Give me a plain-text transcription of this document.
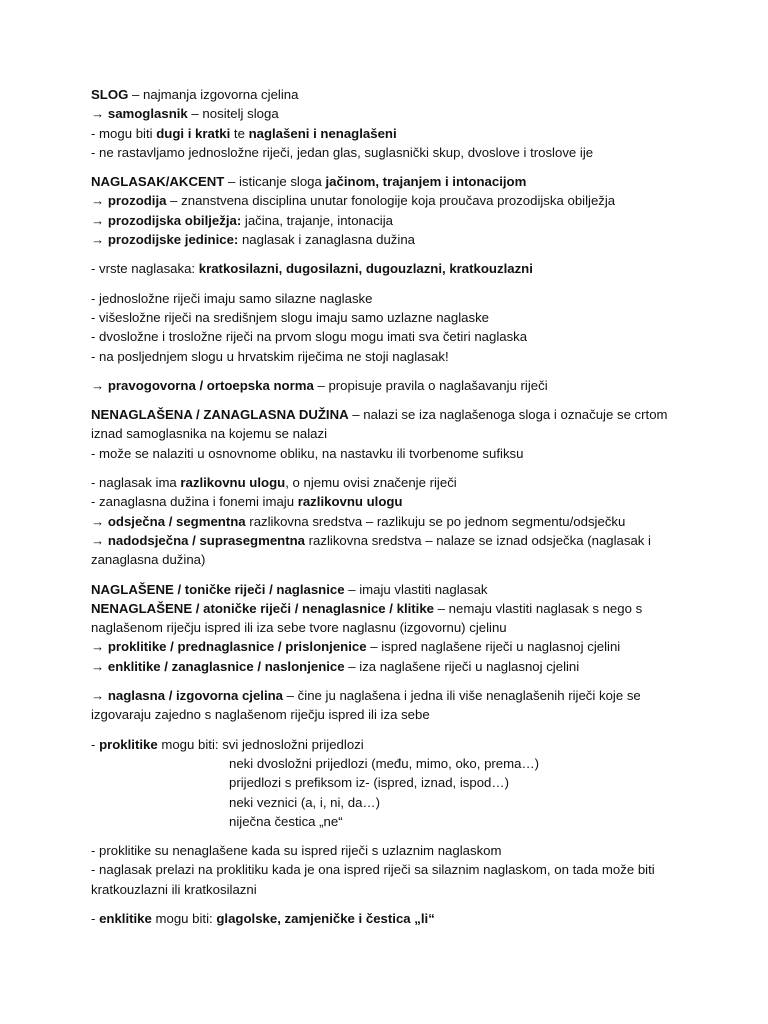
SLOG – najmanja izgovorna cjelina
→ samoglasnik – nositelj sloga
- mogu biti dugi i kratki te naglašeni i nenaglašeni
- ne rastavljamo jednosložne riječi, jedan glas, suglasnički skup, dvoslove i troslove ije
NAGLASAK/AKCENT – isticanje sloga jačinom, trajanjem i intonacijom
→ prozodija – znanstvena disciplina unutar fonologije koja proučava prozodijska obilježja
→ prozodijska obilježja: jačina, trajanje, intonacija
→ prozodijske jedinice: naglasak i zanaglasna dužina
- vrste naglasaka: kratkosilazni, dugosilazni, dugouzlazni, kratkouzlazni
- jednosložne riječi imaju samo silazne naglaske
- višesložne riječi na središnjem slogu imaju samo uzlazne naglaske
- dvosložne i trosložne riječi na prvom slogu mogu imati sva četiri naglaska
- na posljednjem slogu u hrvatskim riječima ne stoji naglasak!
→ pravogovorna / ortoepska norma – propisuje pravila o naglašavanju riječi
NENAGLAŠENA / ZANAGLASNA DUŽINA – nalazi se iza naglašenoga sloga i označuje se crtom iznad samoglasnika na kojemu se nalazi
- može se nalaziti u osnovnome obliku, na nastavku ili tvorbenome sufiksu
- naglasak ima razlikovnu ulogu, o njemu ovisi značenje riječi
- zanaglasna dužina i fonemi imaju razlikovnu ulogu
→ odsječna / segmentna razlikovna sredstva – razlikuju se po jednom segmentu/odsječku
→ nadodsječna / suprasegmentna razlikovna sredstva – nalaze se iznad odsječka (naglasak i zanaglasna dužina)
NAGLAŠENE / toničke riječi / naglasnice – imaju vlastiti naglasak
NENAGLAŠENE / atoničke riječi / nenaglasnice / klitike – nemaju vlastiti naglasak s nego s naglašenom riječju ispred ili iza sebe tvore naglasnu (izgovornu) cjelinu
→ proklitike / prednaglasnice / prislonjenice – ispred naglašene riječi u naglasnoj cjelini
→ enklitike / zanaglasnice / naslonjenice – iza naglašene riječi u naglasnoj cjelini
→ naglasna / izgovorna cjelina – čine ju naglašena i jedna ili više nenaglašenih riječi koje se izgovaraju zajedno s naglašenom riječju ispred ili iza sebe
- proklitike mogu biti: svi jednosložni prijedlozi
neki dvosložni prijedlozi (među, mimo, oko, prema…)
prijedlozi s prefiksom iz- (ispred, iznad, ispod…)
neki veznici (a, i, ni, da…)
niječna čestica „ne“
- proklitike su nenaglašene kada su ispred riječi s uzlaznim naglaskom
- naglasak prelazi na proklitiku kada je ona ispred riječi sa silaznim naglaskom, on tada može biti kratkouzlazni ili kratkosilazni
- enklitike mogu biti: glagolske, zamjeničke i čestica „li“
